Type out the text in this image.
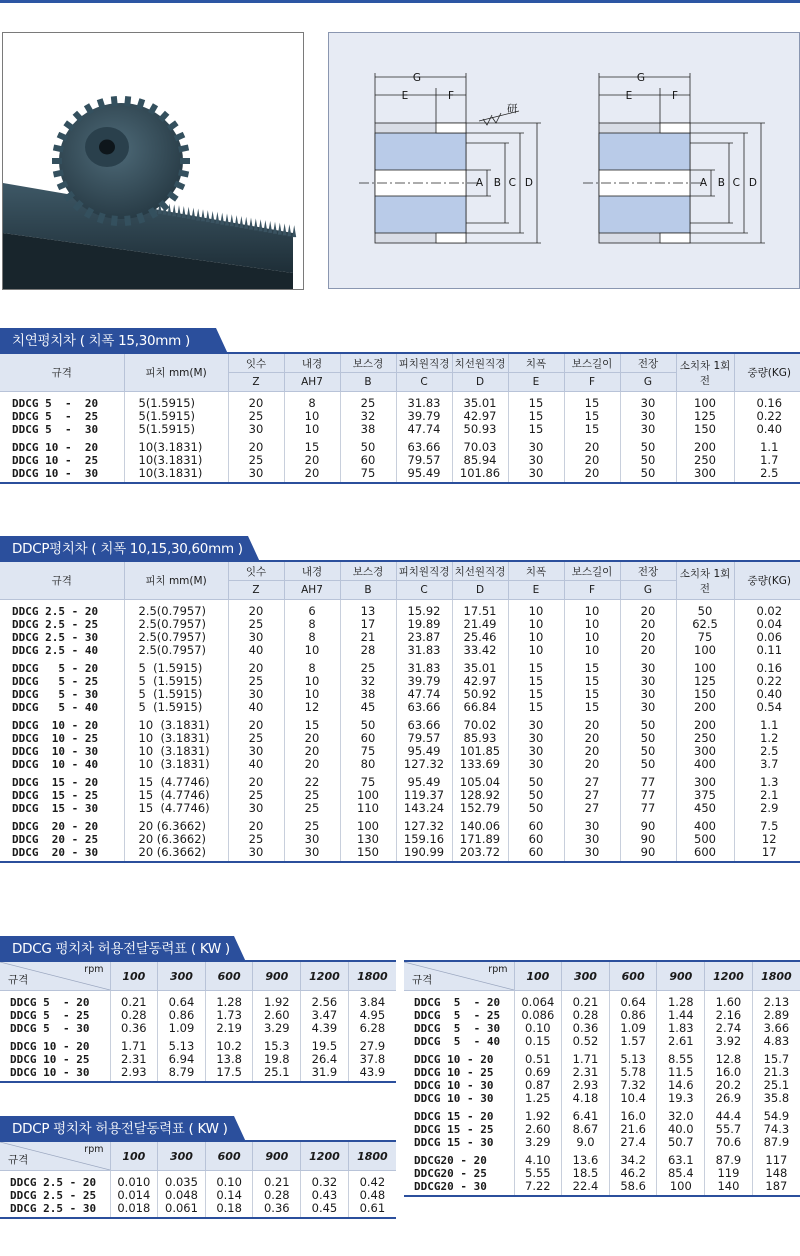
G
E	F
研
A B C D
G
E	F
A B C D
치연평치차 ( 치폭 15,30mm )
규격	피치 mm(M)	잇수	내경	보스경	피치원직경	치선원직경	치폭	보스길이	전장	소치차 1회전	중량(KG)
		Z	AH7	B	C	D	E	F	G		
DDCG 5  -  20	5(1.5915)	20	8	25	31.83	35.01	15	15	30	100	0.16
DDCG 5  -  25	5(1.5915)	25	10	32	39.79	42.97	15	15	30	125	0.22
DDCG 5  -  30	5(1.5915)	30	10	38	47.74	50.93	15	15	30	150	0.40
DDCG 10 -  20	10(3.1831)	20	15	50	63.66	70.03	30	20	50	200	1.1
DDCG 10 -  25	10(3.1831)	25	20	60	79.57	85.94	30	20	50	250	1.7
DDCG 10 -  30	10(3.1831)	30	20	75	95.49	101.86	30	20	50	300	2.5
DDCP평치차 ( 치폭 10,15,30,60mm )
규격	피치 mm(M)	잇수	내경	보스경	피치원직경	치선원직경	치폭	보스길이	전장	소치차 1회전	중량(KG)
		Z	AH7	B	C	D	E	F	G		
DDCG 2.5 - 20	2.5(0.7957)	20	6	13	15.92	17.51	10	10	20	50	0.02
DDCG 2.5 - 25	2.5(0.7957)	25	8	17	19.89	21.49	10	10	20	62.5	0.04
DDCG 2.5 - 30	2.5(0.7957)	30	8	21	23.87	25.46	10	10	20	75	0.06
DDCG 2.5 - 40	2.5(0.7957)	40	10	28	31.83	33.42	10	10	20	100	0.11
DDCG   5 - 20	5  (1.5915)	20	8	25	31.83	35.01	15	15	30	100	0.16
DDCG   5 - 25	5  (1.5915)	25	10	32	39.79	42.97	15	15	30	125	0.22
DDCG   5 - 30	5  (1.5915)	30	10	38	47.74	50.92	15	15	30	150	0.40
DDCG   5 - 40	5  (1.5915)	40	12	45	63.66	66.84	15	15	30	200	0.54
DDCG  10 - 20	10  (3.1831)	20	15	50	63.66	70.02	30	20	50	200	1.1
DDCG  10 - 25	10  (3.1831)	25	20	60	79.57	85.93	30	20	50	250	1.2
DDCG  10 - 30	10  (3.1831)	30	20	75	95.49	101.85	30	20	50	300	2.5
DDCG  10 - 40	10  (3.1831)	40	20	80	127.32	133.69	30	20	50	400	3.7
DDCG  15 - 20	15  (4.7746)	20	22	75	95.49	105.04	50	27	77	300	1.3
DDCG  15 - 25	15  (4.7746)	25	25	100	119.37	128.92	50	27	77	375	2.1
DDCG  15 - 30	15  (4.7746)	30	25	110	143.24	152.79	50	27	77	450	2.9
DDCG  20 - 20	20 (6.3662)	20	25	100	127.32	140.06	60	30	90	400	7.5
DDCG  20 - 25	20 (6.3662)	25	30	130	159.16	171.89	60	30	90	500	12
DDCG  20 - 30	20 (6.3662)	30	30	150	190.99	203.72	60	30	90	600	17
DDCG 평치차 허용전달동력표 ( KW )
rpm
규격	100	300	600	900	1200	1800
DDCG 5  - 20	0.21	0.64	1.28	1.92	2.56	3.84
DDCG 5  - 25	0.28	0.86	1.73	2.60	3.47	4.95
DDCG 5  - 30	0.36	1.09	2.19	3.29	4.39	6.28
DDCG 10 - 20	1.71	5.13	10.2	15.3	19.5	27.9
DDCG 10 - 25	2.31	6.94	13.8	19.8	26.4	37.8
DDCG 10 - 30	2.93	8.79	17.5	25.1	31.9	43.9
DDCP 평치차 허용전달동력표 ( KW )
rpm
규격	100	300	600	900	1200	1800
DDCG 2.5 - 20	0.010	0.035	0.10	0.21	0.32	0.42
DDCG 2.5 - 25	0.014	0.048	0.14	0.28	0.43	0.48
DDCG 2.5 - 30	0.018	0.061	0.18	0.36	0.45	0.61
rpm
규격	100	300	600	900	1200	1800
DDCG  5  - 20	0.064	0.21	0.64	1.28	1.60	2.13
DDCG  5  - 25	0.086	0.28	0.86	1.44	2.16	2.89
DDCG  5  - 30	0.10	0.36	1.09	1.83	2.74	3.66
DDCG  5  - 40	0.15	0.52	1.57	2.61	3.92	4.83
DDCG 10 - 20	0.51	1.71	5.13	8.55	12.8	15.7
DDCG 10 - 25	0.69	2.31	5.78	11.5	16.0	21.3
DDCG 10 - 30	0.87	2.93	7.32	14.6	20.2	25.1
DDCG 10 - 30	1.25	4.18	10.4	19.3	26.9	35.8
DDCG 15 - 20	1.92	6.41	16.0	32.0	44.4	54.9
DDCG 15 - 25	2.60	8.67	21.6	40.0	55.7	74.3
DDCG 15 - 30	3.29	9.0	27.4	50.7	70.6	87.9
DDCG20 - 20	4.10	13.6	34.2	63.1	87.9	117
DDCG20 - 25	5.55	18.5	46.2	85.4	119	148
DDCG20 - 30	7.22	22.4	58.6	100	140	187
